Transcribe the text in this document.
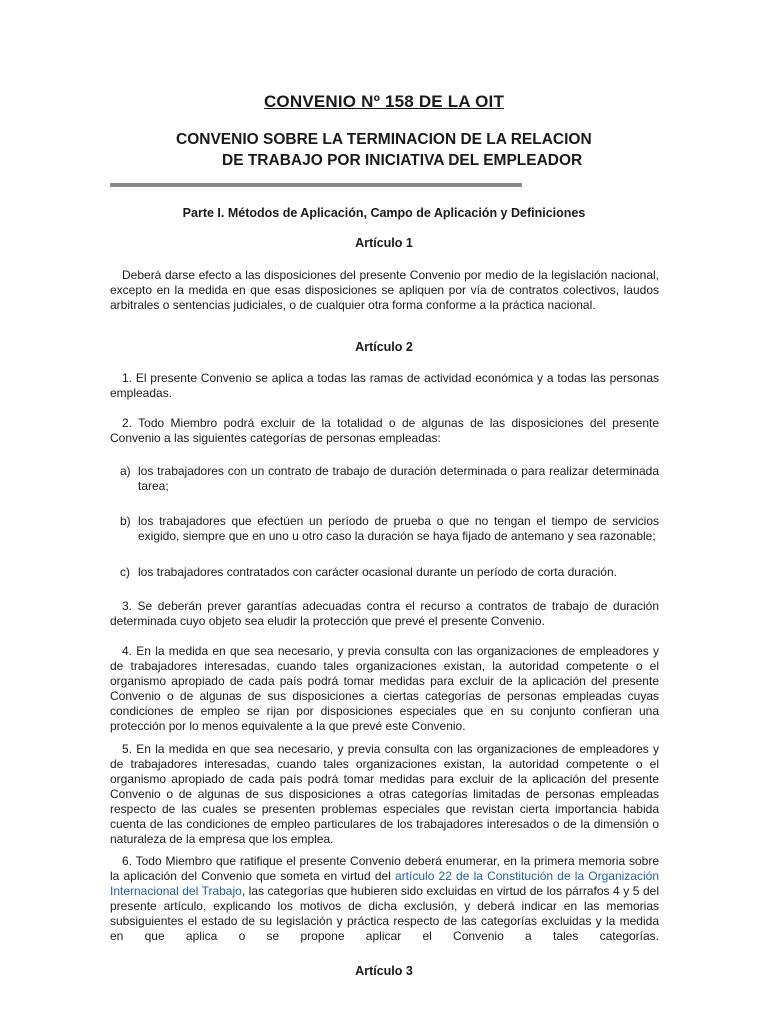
CONVENIO Nº 158 DE LA OIT
CONVENIO SOBRE LA TERMINACION DE LA RELACION
DE TRABAJO POR INICIATIVA DEL EMPLEADOR
Parte I. Métodos de Aplicación, Campo de Aplicación y Definiciones
Artículo 1
Deberá darse efecto a las disposiciones del presente Convenio por medio de la legislación nacional, excepto en la medida en que esas disposiciones se apliquen por vía de contratos colectivos, laudos arbitrales o sentencias judiciales, o de cualquier otra forma conforme a la práctica nacional.
Artículo 2
1. El presente Convenio se aplica a todas las ramas de actividad económica y a todas las personas empleadas.
2. Todo Miembro podrá excluir de la totalidad o de algunas de las disposiciones del presente Convenio a las siguientes categorías de personas empleadas:
a) los trabajadores con un contrato de trabajo de duración determinada o para realizar determinada tarea;
b) los trabajadores que efectúen un período de prueba o que no tengan el tiempo de servicios exigido, siempre que en uno u otro caso la duración se haya fijado de antemano y sea razonable;
c) los trabajadores contratados con carácter ocasional durante un período de corta duración.
3. Se deberán prever garantías adecuadas contra el recurso a contratos de trabajo de duración determinada cuyo objeto sea eludir la protección que prevé el presente Convenio.
4. En la medida en que sea necesario, y previa consulta con las organizaciones de empleadores y de trabajadores interesadas, cuando tales organizaciones existan, la autoridad competente o el organismo apropiado de cada país podrá tomar medidas para excluir de la aplicación del presente Convenio o de algunas de sus disposiciones a ciertas categorías de personas empleadas cuyas condiciones de empleo se rijan por disposiciones especiales que en su conjunto confieran una protección por lo menos equivalente a la que prevé este Convenio.
5. En la medida en que sea necesario, y previa consulta con las organizaciones de empleadores y de trabajadores interesadas, cuando tales organizaciones existan, la autoridad competente o el organismo apropiado de cada país podrá tomar medidas para excluir de la aplicación del presente Convenio o de algunas de sus disposiciones a otras categorías limitadas de personas empleadas respecto de las cuales se presenten problemas especiales que revistan cierta importancia habida cuenta de las condiciones de empleo particulares de los trabajadores interesados o de la dimensión o naturaleza de la empresa que los emplea.
6. Todo Miembro que ratifique el presente Convenio deberá enumerar, en la primera memoria sobre la aplicación del Convenio que someta en virtud del artículo 22 de la Constitución de la Organización Internacional del Trabajo, las categorías que hubieren sido excluidas en virtud de los párrafos 4 y 5 del presente artículo, explicando los motivos de dicha exclusión, y deberá indicar en las memorias subsiguientes el estado de su legislación y práctica respecto de las categorías excluidas y la medida en que aplica o se propone aplicar el Convenio a tales categorías.
Artículo 3
